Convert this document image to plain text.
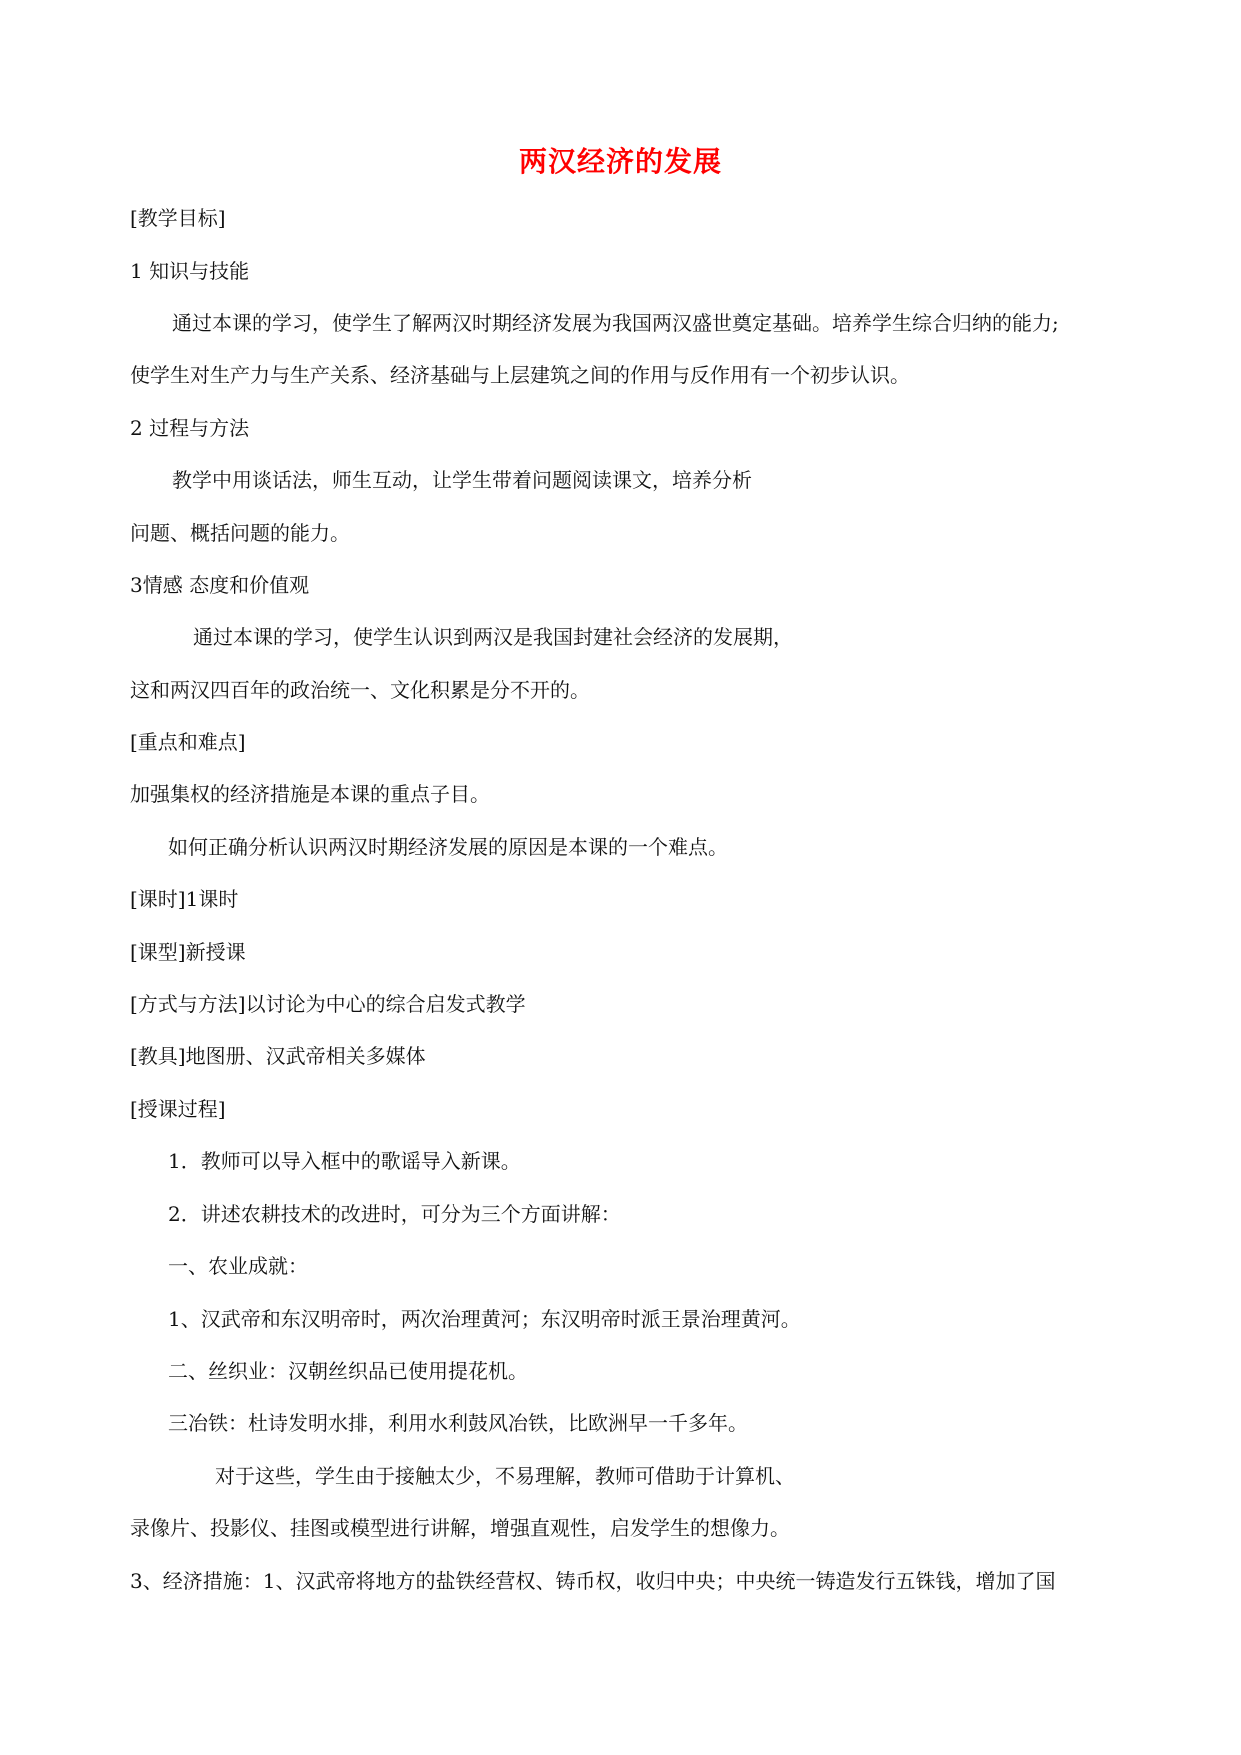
两汉经济的发展
[教学目标]
1 知识与技能
通过本课的学习，使学生了解两汉时期经济发展为我国两汉盛世奠定基础。培养学生综合归纳的能力;
使学生对生产力与生产关系、经济基础与上层建筑之间的作用与反作用有一个初步认识。
2 过程与方法
教学中用谈话法，师生互动，让学生带着问题阅读课文，培养分析
问题、概括问题的能力。
3情感 态度和价值观
通过本课的学习，使学生认识到两汉是我国封建社会经济的发展期，
这和两汉四百年的政治统一、文化积累是分不开的。
[重点和难点]
加强集权的经济措施是本课的重点子目。
如何正确分析认识两汉时期经济发展的原因是本课的一个难点。
[课时]1课时
[课型]新授课
[方式与方法]以讨论为中心的综合启发式教学
[教具]地图册、汉武帝相关多媒体
[授课过程]
1．教师可以导入框中的歌谣导入新课。
2．讲述农耕技术的改进时，可分为三个方面讲解：
一、农业成就：
1、汉武帝和东汉明帝时，两次治理黄河；东汉明帝时派王景治理黄河。
二、丝织业：汉朝丝织品已使用提花机。
三冶铁：杜诗发明水排，利用水利鼓风冶铁，比欧洲早一千多年。
对于这些，学生由于接触太少，不易理解，教师可借助于计算机、
录像片、投影仪、挂图或模型进行讲解，增强直观性，启发学生的想像力。
3、经济措施：1、汉武帝将地方的盐铁经营权、铸币权，收归中央；中央统一铸造发行五铢钱，增加了国
